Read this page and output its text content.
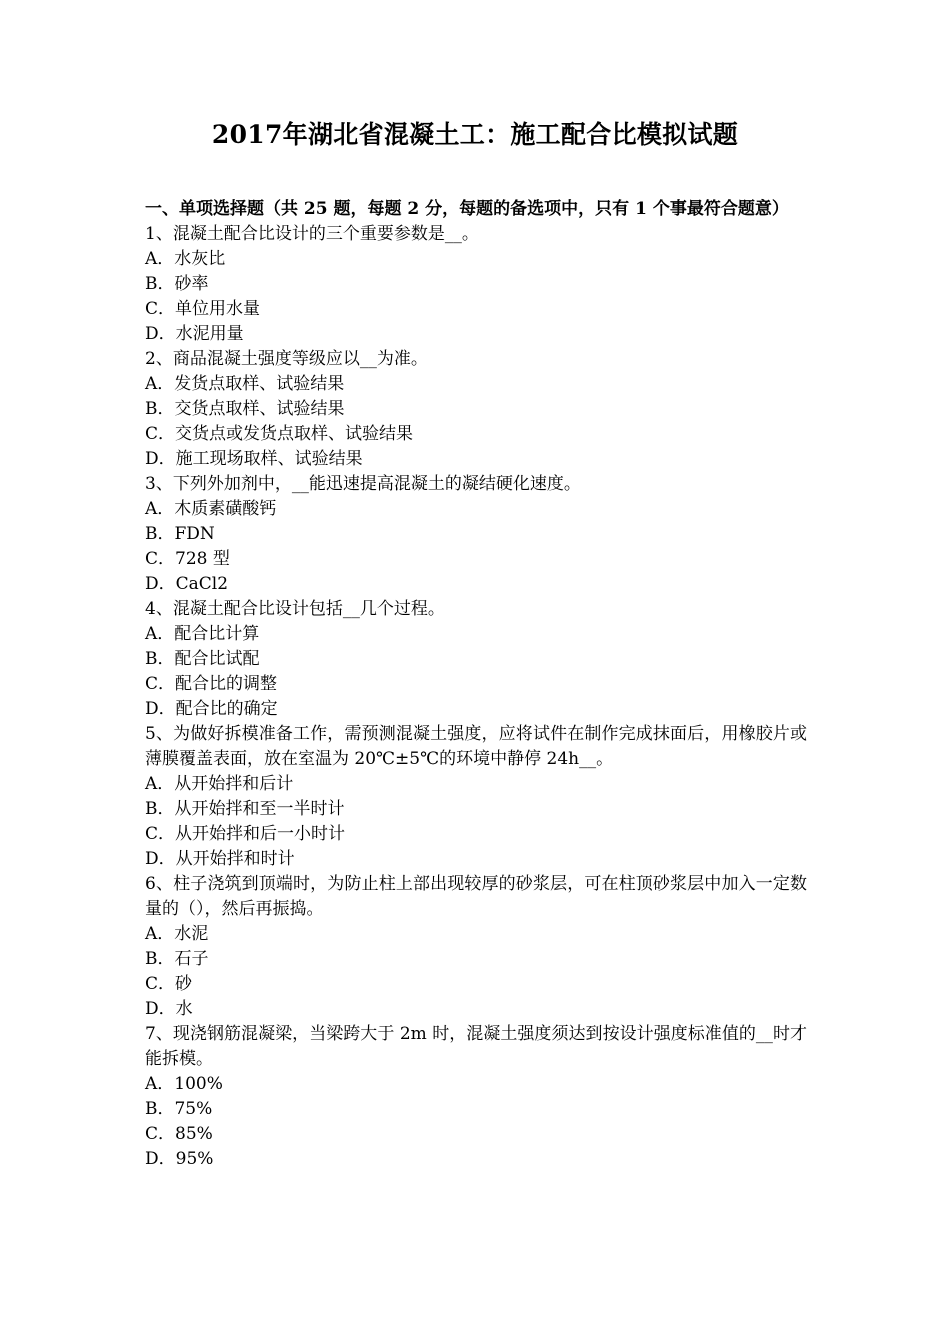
2017年湖北省混凝土工：施工配合比模拟试题
一、单项选择题（共 25 题，每题 2 分，每题的备选项中，只有 1 个事最符合题意）
1、混凝土配合比设计的三个重要参数是__。
A．水灰比
B．砂率
C．单位用水量
D．水泥用量
2、商品混凝土强度等级应以__为准。
A．发货点取样、试验结果
B．交货点取样、试验结果
C．交货点或发货点取样、试验结果
D．施工现场取样、试验结果
3、下列外加剂中，__能迅速提高混凝土的凝结硬化速度。
A．木质素磺酸钙
B．FDN
C．728 型
D．CaCl2
4、混凝土配合比设计包括__几个过程。
A．配合比计算
B．配合比试配
C．配合比的调整
D．配合比的确定
5、为做好拆模准备工作，需预测混凝土强度，应将试件在制作完成抹面后，用橡胶片或薄膜覆盖表面，放在室温为 20℃±5℃的环境中静停 24h__。
A．从开始拌和后计
B．从开始拌和至一半时计
C．从开始拌和后一小时计
D．从开始拌和时计
6、柱子浇筑到顶端时，为防止柱上部出现较厚的砂浆层，可在柱顶砂浆层中加入一定数量的（），然后再振捣。
A．水泥
B．石子
C．砂
D．水
7、现浇钢筋混凝梁，当梁跨大于 2m 时，混凝土强度须达到按设计强度标准值的__时才能拆模。
A．100%
B．75%
C．85%
D．95%
